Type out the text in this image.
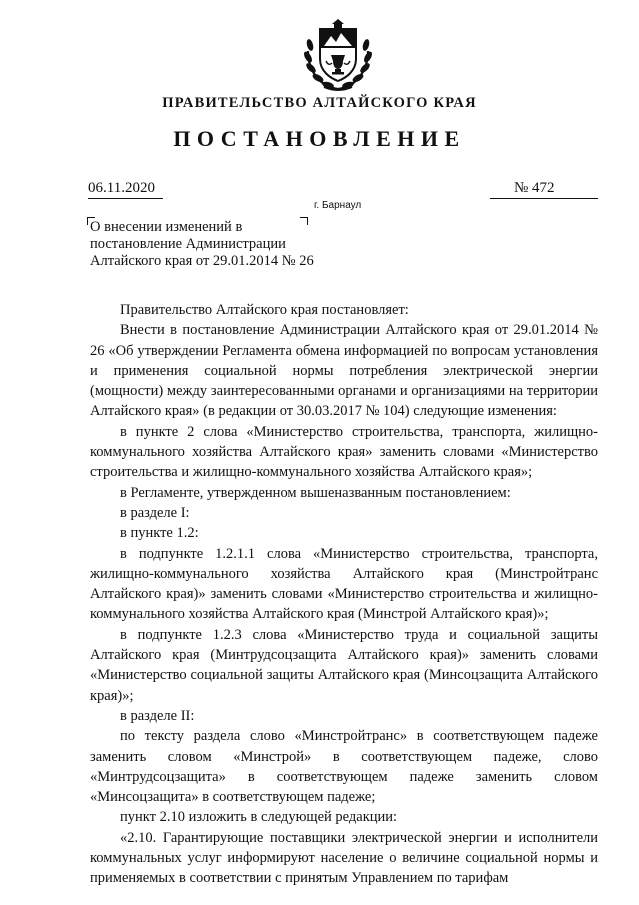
ПРАВИТЕЛЬСТВО АЛТАЙСКОГО КРАЯ
ПОСТАНОВЛЕНИЕ
06.11.2020
г. Барнаул
№ 472
О внесении изменений в постановление Администрации Алтайского края от 29.01.2014 № 26

Правительство Алтайского края постановляет:

Внести в постановление Администрации Алтайского края от 29.01.2014 № 26 «Об утверждении Регламента обмена информацией по вопросам установления и применения социальной нормы потребления электрической энергии (мощности) между заинтересованными органами и организациями на территории Алтайского края» (в редакции от 30.03.2017 № 104) следующие изменения:

в пункте 2 слова «Министерство строительства, транспорта, жилищно-коммунального хозяйства Алтайского края» заменить словами «Министерство строительства и жилищно-коммунального хозяйства Алтайского края»;

в Регламенте, утвержденном вышеназванным постановлением:

в разделе I:

в пункте 1.2:

в подпункте 1.2.1.1 слова «Министерство строительства, транспорта, жилищно-коммунального хозяйства Алтайского края (Минстройтранс Алтайского края)» заменить словами «Министерство строительства и жилищно-коммунального хозяйства Алтайского края (Минстрой Алтайского края)»;

в подпункте 1.2.3 слова «Министерство труда и социальной защиты Алтайского края (Минтрудсоцзащита Алтайского края)» заменить словами «Министерство социальной защиты Алтайского края (Минсоцзащита Алтайского края)»;

в разделе II:

по тексту раздела слово «Минстройтранс» в соответствующем падеже заменить словом «Минстрой» в соответствующем падеже, слово «Минтрудсоцзащита» в соответствующем падеже заменить словом «Минсоцзащита» в соответствующем падеже;

пункт 2.10 изложить в следующей редакции:

«2.10. Гарантирующие поставщики электрической энергии и исполнители коммунальных услуг информируют население о величине социальной нормы и применяемых в соответствии с принятым Управлением по тарифам
